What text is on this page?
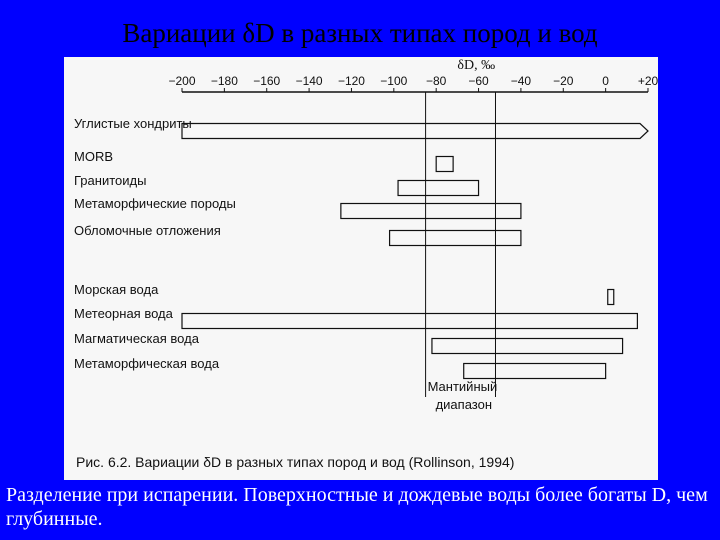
Вариации δD в разных типах пород и вод
δD, ‰
−200 −180 −160 −140 −120 −100 −80 −60 −40 −20 0 +20
Углистые хондриты
MORB
Гранитоиды
Метаморфические породы
Обломочные отложения
Морская вода
Метеорная вода
Магматическая вода
Метаморфическая вода
Мантийный
диапазон
Рис. 6.2. Вариации δD в разных типах пород и вод (Rollinson, 1994)
Разделение при испарении. Поверхностные и дождевые воды более богаты D, чем глубинные.
